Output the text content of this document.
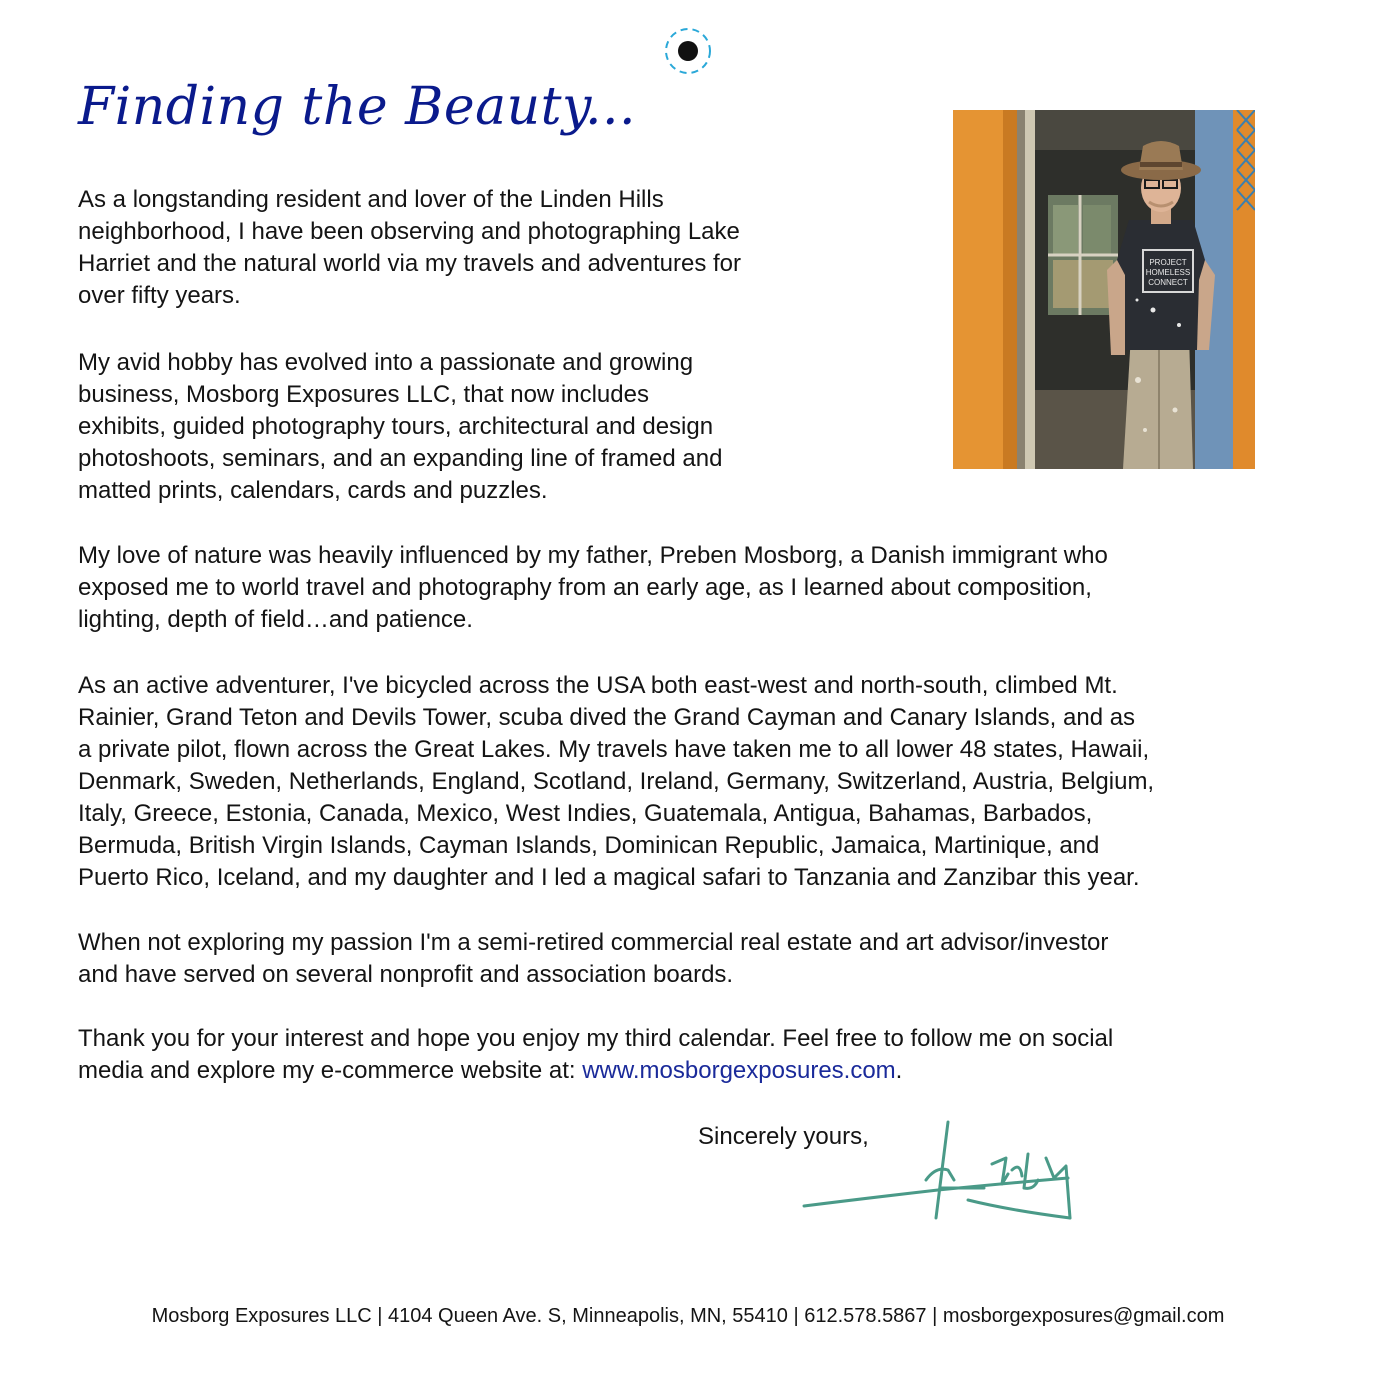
Finding the Beauty...

As a longstanding resident and lover of the Linden Hills
neighborhood, I have been observing and photographing Lake
Harriet and the natural world via my travels and adventures for
over fifty years.

My avid hobby has evolved into a passionate and growing
business, Mosborg Exposures LLC, that now includes
exhibits, guided photography tours, architectural and design
photoshoots, seminars, and an expanding line of framed and
matted prints, calendars, cards and puzzles.

PROJECT
HOMELESS
CONNECT

My love of nature was heavily influenced by my father, Preben Mosborg, a Danish immigrant who
exposed me to world travel and photography from an early age, as I learned about composition,
lighting, depth of field…and patience.

As an active adventurer, I've bicycled across the USA both east-west and north-south, climbed Mt.
Rainier, Grand Teton and Devils Tower, scuba dived the Grand Cayman and Canary Islands, and as
a private pilot, flown across the Great Lakes. My travels have taken me to all lower 48 states, Hawaii,
Denmark, Sweden, Netherlands, England, Scotland, Ireland, Germany, Switzerland, Austria, Belgium,
Italy, Greece, Estonia, Canada, Mexico, West Indies, Guatemala, Antigua, Bahamas, Barbados,
Bermuda, British Virgin Islands, Cayman Islands, Dominican Republic, Jamaica, Martinique, and
Puerto Rico, Iceland, and my daughter and I led a magical safari to Tanzania and Zanzibar this year.

When not exploring my passion I'm a semi-retired commercial real estate and art advisor/investor
and have served on several nonprofit and association boards.

Thank you for your interest and hope you enjoy my third calendar. Feel free to follow me on social
media and explore my e-commerce website at: www.mosborgexposures.com.

Sincerely yours,
Mosborg Exposures LLC | 4104 Queen Ave. S, Minneapolis, MN, 55410 | 612.578.5867 | mosborgexposures@gmail.com
